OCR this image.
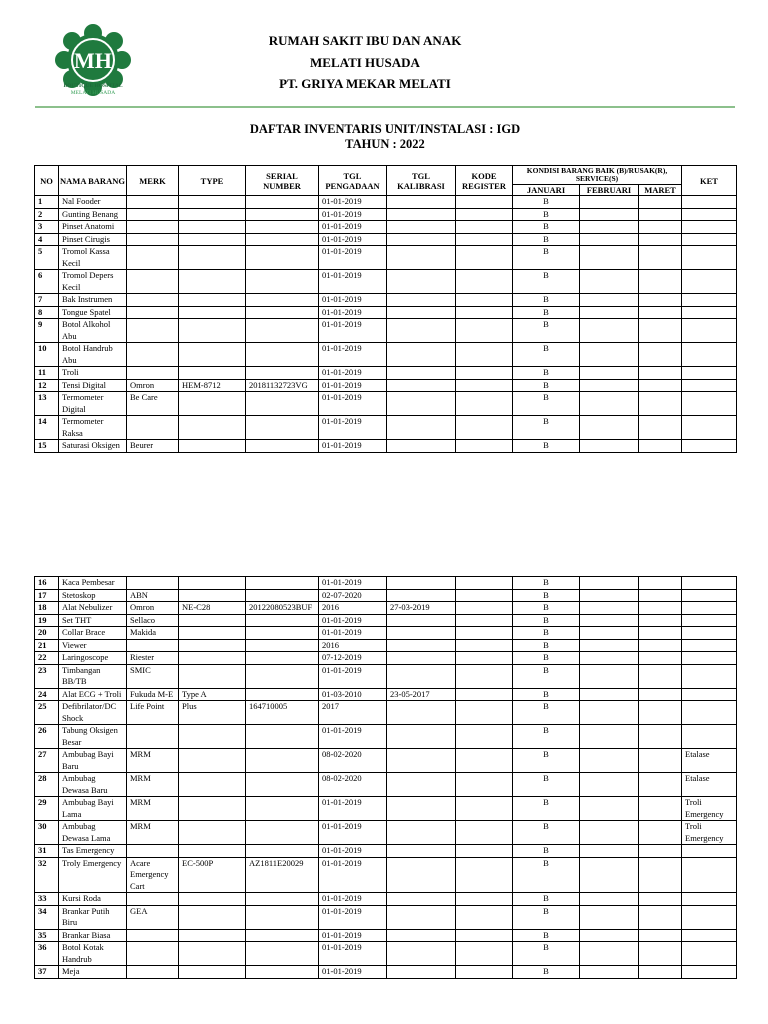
MH
BOUTIQUE HOSPITAL
MELATI HUSADA
RUMAH SAKIT IBU DAN ANAK
MELATI HUSADA
PT. GRIYA MEKAR MELATI
DAFTAR INVENTARIS UNIT/INSTALASI : IGD
TAHUN : 2022
NO	NAMA BARANG	MERK	TYPE	SERIAL NUMBER	TGL PENGADAAN	TGL KALIBRASI	KODE REGISTER	KONDISI BARANG BAIK (B)/RUSAK(R), SERVICE(S)			KET
								JANUARI	FEBRUARI	MARET	
1	Nal Fooder				01-01-2019			B			
2	Gunting Benang				01-01-2019			B			
3	Pinset Anatomi				01-01-2019			B			
4	Pinset Cirugis				01-01-2019			B			
5	Tromol Kassa Kecil				01-01-2019			B			
6	Tromol Depers Kecil				01-01-2019			B			
7	Bak Instrumen				01-01-2019			B			
8	Tongue Spatel				01-01-2019			B			
9	Botol Alkohol Abu				01-01-2019			B			
10	Botol Handrub Abu				01-01-2019			B			
11	Troli				01-01-2019			B			
12	Tensi Digital	Omron	HEM-8712	20181132723VG	01-01-2019			B			
13	Termometer Digital	Be Care			01-01-2019			B			
14	Termometer Raksa				01-01-2019			B			
15	Saturasi Oksigen	Beurer			01-01-2019			B			
16	Kaca Pembesar				01-01-2019			B			
17	Stetoskop	ABN			02-07-2020			B			
18	Alat Nebulizer	Omron	NE-C28	20122080523BUF	2016	27-03-2019		B			
19	Set THT	Sellaco			01-01-2019			B			
20	Collar Brace	Makida			01-01-2019			B			
21	Viewer				2016			B			
22	Laringoscope	Riester			07-12-2019			B			
23	Timbangan BB/TB	SMIC			01-01-2019			B			
24	Alat ECG + Troli	Fukuda M-E	Type A		01-03-2010	23-05-2017		B			
25	Defibrilator/DC Shock	Life Point	Plus	164710005	2017			B			
26	Tabung Oksigen Besar				01-01-2019			B			
27	Ambubag Bayi Baru	MRM			08-02-2020			B			Etalase
28	Ambubag Dewasa Baru	MRM			08-02-2020			B			Etalase
29	Ambubag Bayi Lama	MRM			01-01-2019			B			Troli Emergency
30	Ambubag Dewasa Lama	MRM			01-01-2019			B			Troli Emergency
31	Tas Emergency				01-01-2019			B			
32	Troly Emergency	Acare Emergency Cart	EC-500P	AZ1811E20029	01-01-2019			B			
33	Kursi Roda				01-01-2019			B			
34	Brankar Putih Biru	GEA			01-01-2019			B			
35	Brankar Biasa				01-01-2019			B			
36	Botol Kotak Handrub				01-01-2019			B			
37	Meja				01-01-2019			B			
